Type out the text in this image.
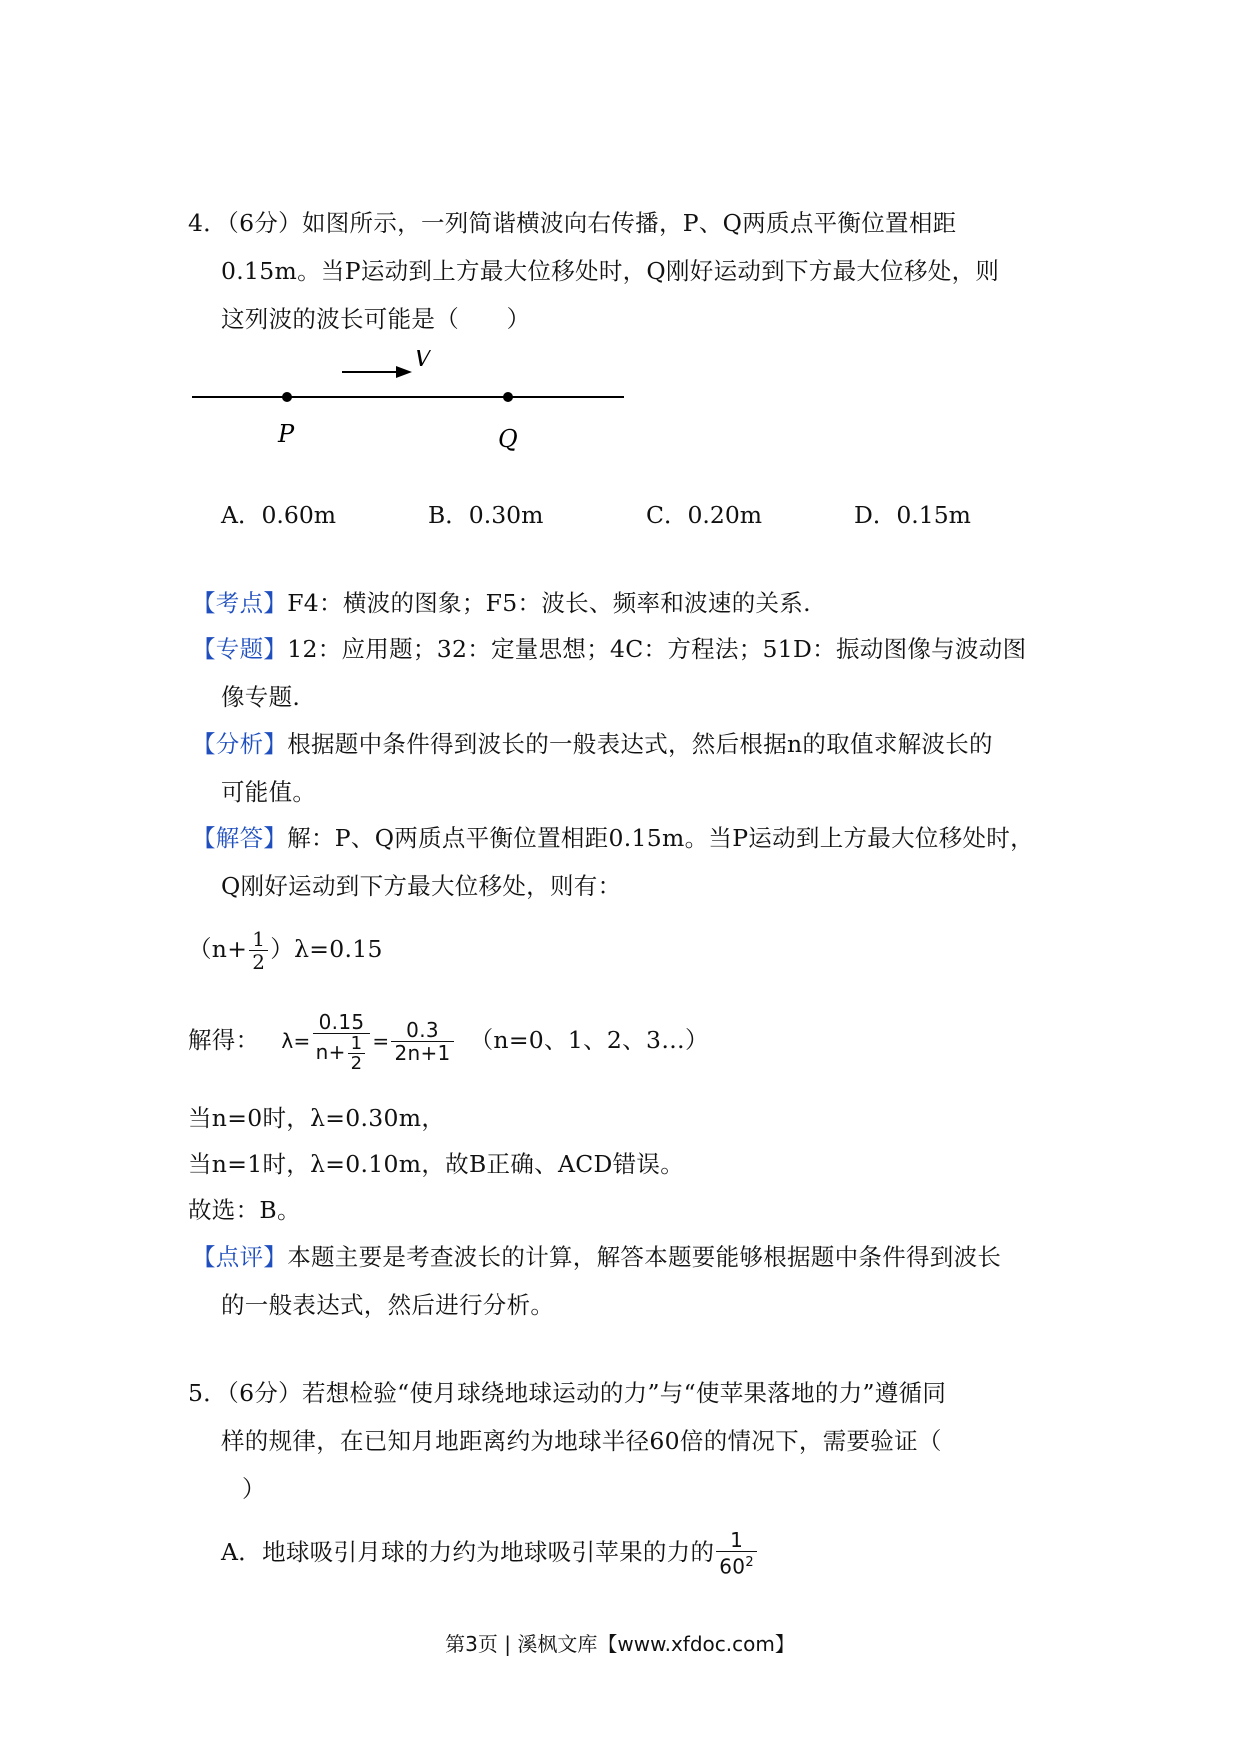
4．（6分）如图所示，一列简谐横波向右传播，P、Q两质点平衡位置相距
0.15m。当P运动到上方最大位移处时，Q刚好运动到下方最大位移处，则
这列波的波长可能是（　　）
V
P	Q
A．0.60m	B．0.30m	C．0.20m	D．0.15m
【考点】F4：横波的图象；F5：波长、频率和波速的关系.
【专题】12：应用题；32：定量思想；4C：方程法；51D：振动图像与波动图
像专题.
【分析】根据题中条件得到波长的一般表达式，然后根据n的取值求解波长的
可能值。
【解答】解：P、Q两质点平衡位置相距0.15m。当P运动到上方最大位移处时，
Q刚好运动到下方最大位移处，则有：
$(n+ \frac{1}{2} )\lambda=0.15$
解得： $\lambda= \frac{0.15}{n+ \frac{1}{2}} = \frac{0.3}{2n+1} (n=0$、1、2、3…）
当n=0时，λ=0.30m，
当n=1时，λ=0.10m，故B正确、ACD错误。
故选：B。
【点评】本题主要是考查波长的计算，解答本题要能够根据题中条件得到波长
的一般表达式，然后进行分析。
5．（6分）若想检验“使月球绕地球运动的力”与“使苹果落地的力”遵循同
样的规律，在已知月地距离约为地球半径60倍的情况下，需要验证（
）
A．地球吸引月球的力约为地球吸引苹果的力的 $\frac{1}{60^2}$
第3页 | 溪枫文库【www.xfdoc.com】
